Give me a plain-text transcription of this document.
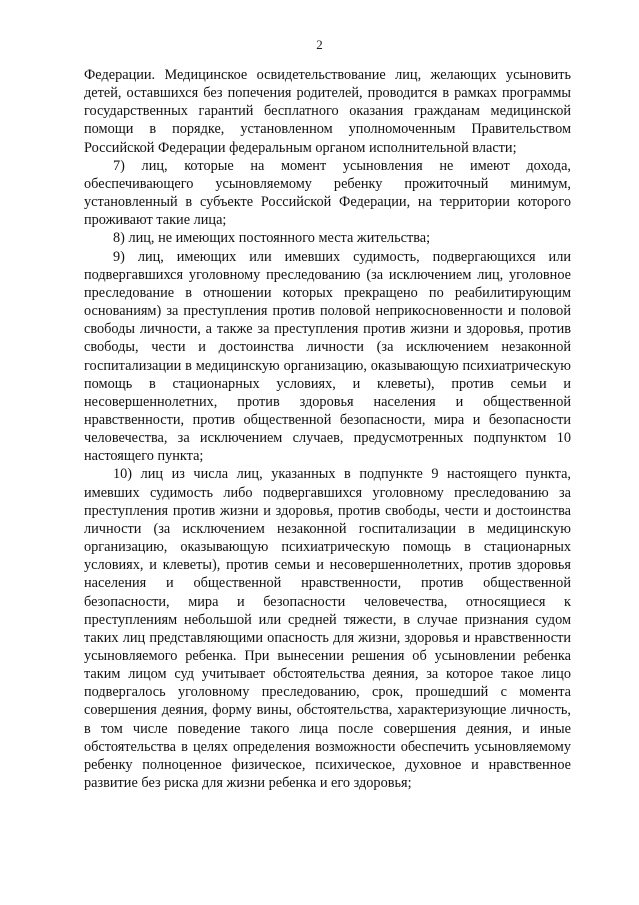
2

Федерации. Медицинское освидетельствование лиц, желающих усыновить детей, оставшихся без попечения родителей, проводится в рамках программы государственных гарантий бесплатного оказания гражданам медицинской помощи в порядке, установленном уполномоченным Правительством Российской Федерации федеральным органом исполнительной власти;

7) лиц, которые на момент усыновления не имеют дохода, обеспечивающего усыновляемому ребенку прожиточный минимум, установленный в субъекте Российской Федерации, на территории которого проживают такие лица;

8) лиц, не имеющих постоянного места жительства;

9) лиц, имеющих или имевших судимость, подвергающихся или подвергавшихся уголовному преследованию (за исключением лиц, уголовное преследование в отношении которых прекращено по реабилитирующим основаниям) за преступления против половой неприкосновенности и половой свободы личности, а также за преступления против жизни и здоровья, против свободы, чести и достоинства личности (за исключением незаконной госпитализации в медицинскую организацию, оказывающую психиатрическую помощь в стационарных условиях, и клеветы), против семьи и несовершеннолетних, против здоровья населения и общественной нравственности, против общественной безопасности, мира и безопасности человечества, за исключением случаев, предусмотренных подпунктом 10 настоящего пункта;

10) лиц из числа лиц, указанных в подпункте 9 настоящего пункта, имевших судимость либо подвергавшихся уголовному преследованию за преступления против жизни и здоровья, против свободы, чести и достоинства личности (за исключением незаконной госпитализации в медицинскую организацию, оказывающую психиатрическую помощь в стационарных условиях, и клеветы), против семьи и несовершеннолетних, против здоровья населения и общественной нравственности, против общественной безопасности, мира и безопасности человечества, относящиеся к преступлениям небольшой или средней тяжести, в случае признания судом таких лиц представляющими опасность для жизни, здоровья и нравственности усыновляемого ребенка. При вынесении решения об усыновлении ребенка таким лицом суд учитывает обстоятельства деяния, за которое такое лицо подвергалось уголовному преследованию, срок, прошедший с момента совершения деяния, форму вины, обстоятельства, характеризующие личность, в том числе поведение такого лица после совершения деяния, и иные обстоятельства в целях определения возможности обеспечить усыновляемому ребенку полноценное физическое, психическое, духовное и нравственное развитие без риска для жизни ребенка и его здоровья;
